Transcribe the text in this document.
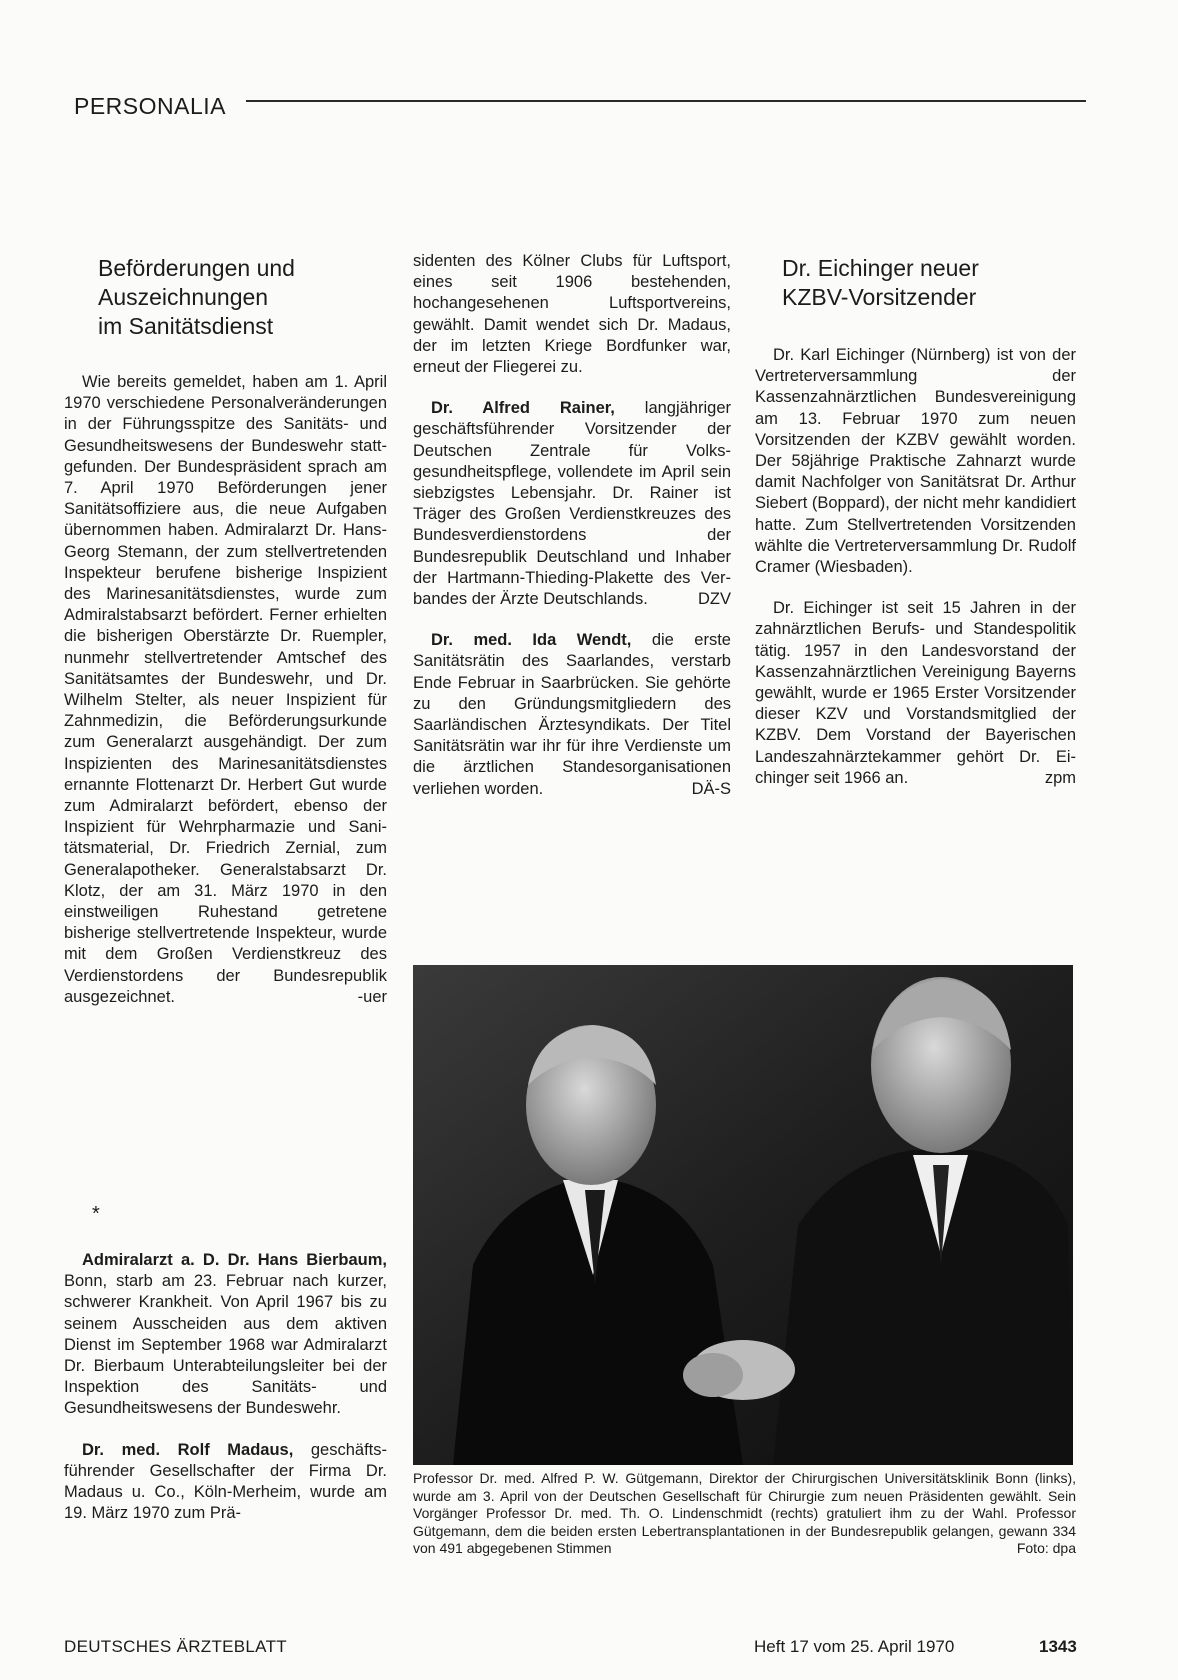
PERSONALIA
Beförderungen und
Auszeichnungen
im Sanitätsdienst

Wie bereits gemeldet, haben am 1. April 1970 verschiedene Personalveränderungen in der Führungsspitze des Sanitäts- und Gesundheitswesens der Bundeswehr stattgefunden. Der Bundespräsident sprach am 7. April 1970 Beförderungen jener Sanitätsoffiziere aus, die neue Aufgaben übernommen haben. Admiralarzt Dr. Hans-Georg Stemann, der zum stellvertretenden Inspekteur berufene bisherige Inspizient des Marinesanitätsdienstes, wurde zum Admiralstabsarzt befördert. Ferner erhielten die bisherigen Oberstärzte Dr. Ruempler, nunmehr stellvertretender Amtschef des Sanitätsamtes der Bundeswehr, und Dr. Wilhelm Stelter, als neuer Inspizient für Zahnmedizin, die Beförderungsurkunde zum Generalarzt ausgehändigt. Der zum Inspizienten des Marinesanitätsdienstes ernannte Flottenarzt Dr. Herbert Gut wurde zum Admiralarzt befördert, ebenso der Inspizient für Wehrpharmazie und Sanitätsmaterial, Dr. Friedrich Zernial, zum Generalapotheker. Generalstabsarzt Dr. Klotz, der am 31. März 1970 in den einstweiligen Ruhestand getretene bisherige stellvertretende Inspekteur, wurde mit dem Großen Verdienstkreuz des Verdienstordens der Bundesrepublik ausgezeichnet.	-uer

*

Admiralarzt a. D. Dr. Hans Bierbaum, Bonn, starb am 23. Februar nach kurzer, schwerer Krankheit. Von April 1967 bis zu seinem Ausscheiden aus dem aktiven Dienst im September 1968 war Admiralarzt Dr. Bierbaum Unterabteilungsleiter bei der Inspektion des Sanitäts- und Gesundheitswesens der Bundeswehr.

Dr. med. Rolf Madaus, geschäftsführender Gesellschafter der Firma Dr. Madaus u. Co., Köln-Merheim, wurde am 19. März 1970 zum Prä-

sidenten des Kölner Clubs für Luftsport, eines seit 1906 bestehenden, hochangesehenen Luftsportvereins, gewählt. Damit wendet sich Dr. Madaus, der im letzten Kriege Bordfunker war, erneut der Fliegerei zu.

Dr. Alfred Rainer, langjähriger geschäftsführender Vorsitzender der Deutschen Zentrale für Volksgesundheitspflege, vollendete im April sein siebzigstes Lebensjahr. Dr. Rainer ist Träger des Großen Verdienstkreuzes des Bundesverdienstordens der Bundesrepublik Deutschland und Inhaber der Hartmann-Thieding-Plakette des Verbandes der Ärzte Deutschlands.	DZV

Dr. med. Ida Wendt, die erste Sanitätsrätin des Saarlandes, verstarb Ende Februar in Saarbrücken. Sie gehörte zu den Gründungsmitgliedern des Saarländischen Ärztesyndikats. Der Titel Sanitätsrätin war ihr für ihre Verdienste um die ärztlichen Standesorganisationen verliehen worden.	DÄ-S

Dr. Eichinger neuer
KZBV-Vorsitzender

Dr. Karl Eichinger (Nürnberg) ist von der Vertreterversammlung der Kassenzahnärztlichen Bundesvereinigung am 13. Februar 1970 zum neuen Vorsitzenden der KZBV gewählt worden. Der 58jährige Praktische Zahnarzt wurde damit Nachfolger von Sanitätsrat Dr. Arthur Siebert (Boppard), der nicht mehr kandidiert hatte. Zum Stellvertretenden Vorsitzenden wählte die Vertreterversammlung Dr. Rudolf Cramer (Wiesbaden).

Dr. Eichinger ist seit 15 Jahren in der zahnärztlichen Berufs- und Standespolitik tätig. 1957 in den Landesvorstand der Kassenzahnärztlichen Vereinigung Bayerns gewählt, wurde er 1965 Erster Vorsitzender dieser KZV und Vorstandsmitglied der KZBV. Dem Vorstand der Bayerischen Landeszahnärztekammer gehört Dr. Eichinger seit 1966 an.	zpm

Professor Dr. med. Alfred P. W. Gütgemann, Direktor der Chirurgischen Universitätsklinik Bonn (links), wurde am 3. April von der Deutschen Gesellschaft für Chirurgie zum neuen Präsidenten gewählt. Sein Vorgänger Professor Dr. med. Th. O. Lindenschmidt (rechts) gratuliert ihm zu der Wahl. Professor Gütgemann, dem die beiden ersten Lebertransplantationen in der Bundesrepublik gelangen, gewann 334 von 491 abgegebenen Stimmen	Foto: dpa
DEUTSCHES ÄRZTEBLATT	Heft 17 vom 25. April 1970	1343
